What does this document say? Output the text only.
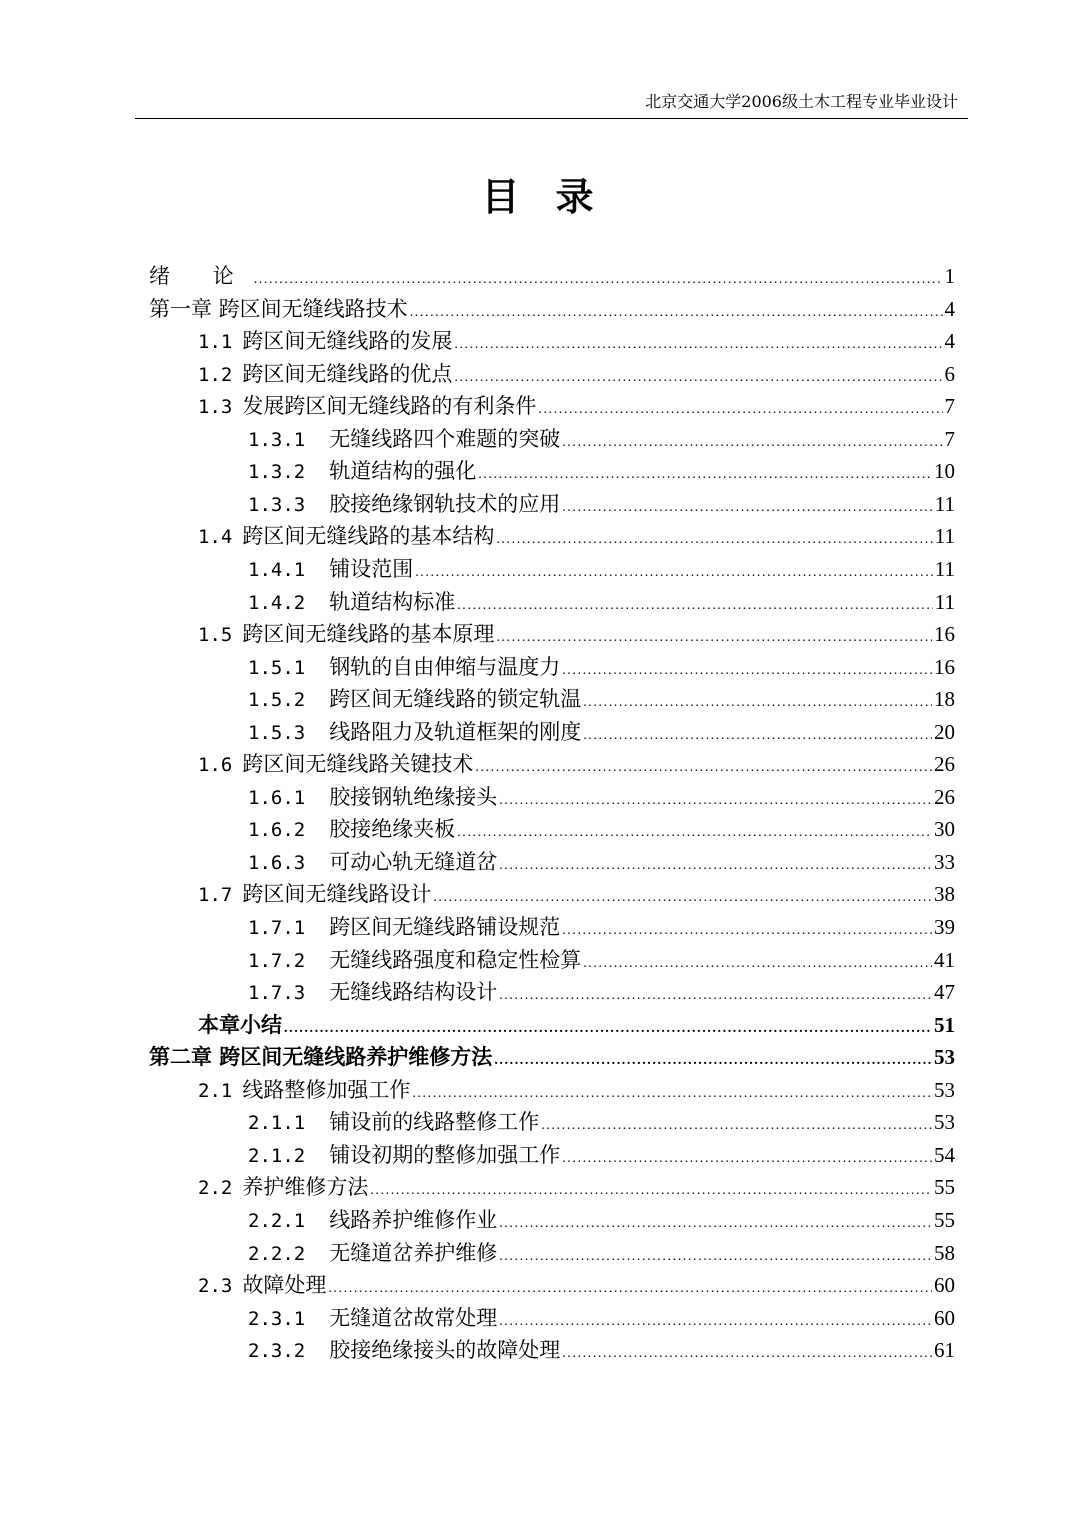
北京交通大学2006级土木工程专业毕业设计
目录
绪 论 .....	1
第一章 跨区间无缝线路技术 .....	4
1.1 跨区间无缝线路的发展 .....	4
1.2 跨区间无缝线路的优点 .....	6
1.3 发展跨区间无缝线路的有利条件 .....	7
1.3.1 无缝线路四个难题的突破 .....	7
1.3.2 轨道结构的强化 .....	10
1.3.3 胶接绝缘钢轨技术的应用 .....	11
1.4 跨区间无缝线路的基本结构 .....	11
1.4.1 铺设范围 .....	11
1.4.2 轨道结构标准 .....	11
1.5 跨区间无缝线路的基本原理 .....	16
1.5.1 钢轨的自由伸缩与温度力 .....	16
1.5.2 跨区间无缝线路的锁定轨温 .....	18
1.5.3 线路阻力及轨道框架的刚度 .....	20
1.6 跨区间无缝线路关键技术 .....	26
1.6.1 胶接钢轨绝缘接头 .....	26
1.6.2 胶接绝缘夹板 .....	30
1.6.3 可动心轨无缝道岔 .....	33
1.7 跨区间无缝线路设计 .....	38
1.7.1 跨区间无缝线路铺设规范 .....	39
1.7.2 无缝线路强度和稳定性检算 .....	41
1.7.3 无缝线路结构设计 .....	47
本章小结 .....	51
第二章 跨区间无缝线路养护维修方法 .....	53
2.1 线路整修加强工作 .....	53
2.1.1 铺设前的线路整修工作 .....	53
2.1.2 铺设初期的整修加强工作 .....	54
2.2 养护维修方法 .....	55
2.2.1 线路养护维修作业 .....	55
2.2.2 无缝道岔养护维修 .....	58
2.3 故障处理 .....	60
2.3.1 无缝道岔故常处理 .....	60
2.3.2 胶接绝缘接头的故障处理 .....	61
